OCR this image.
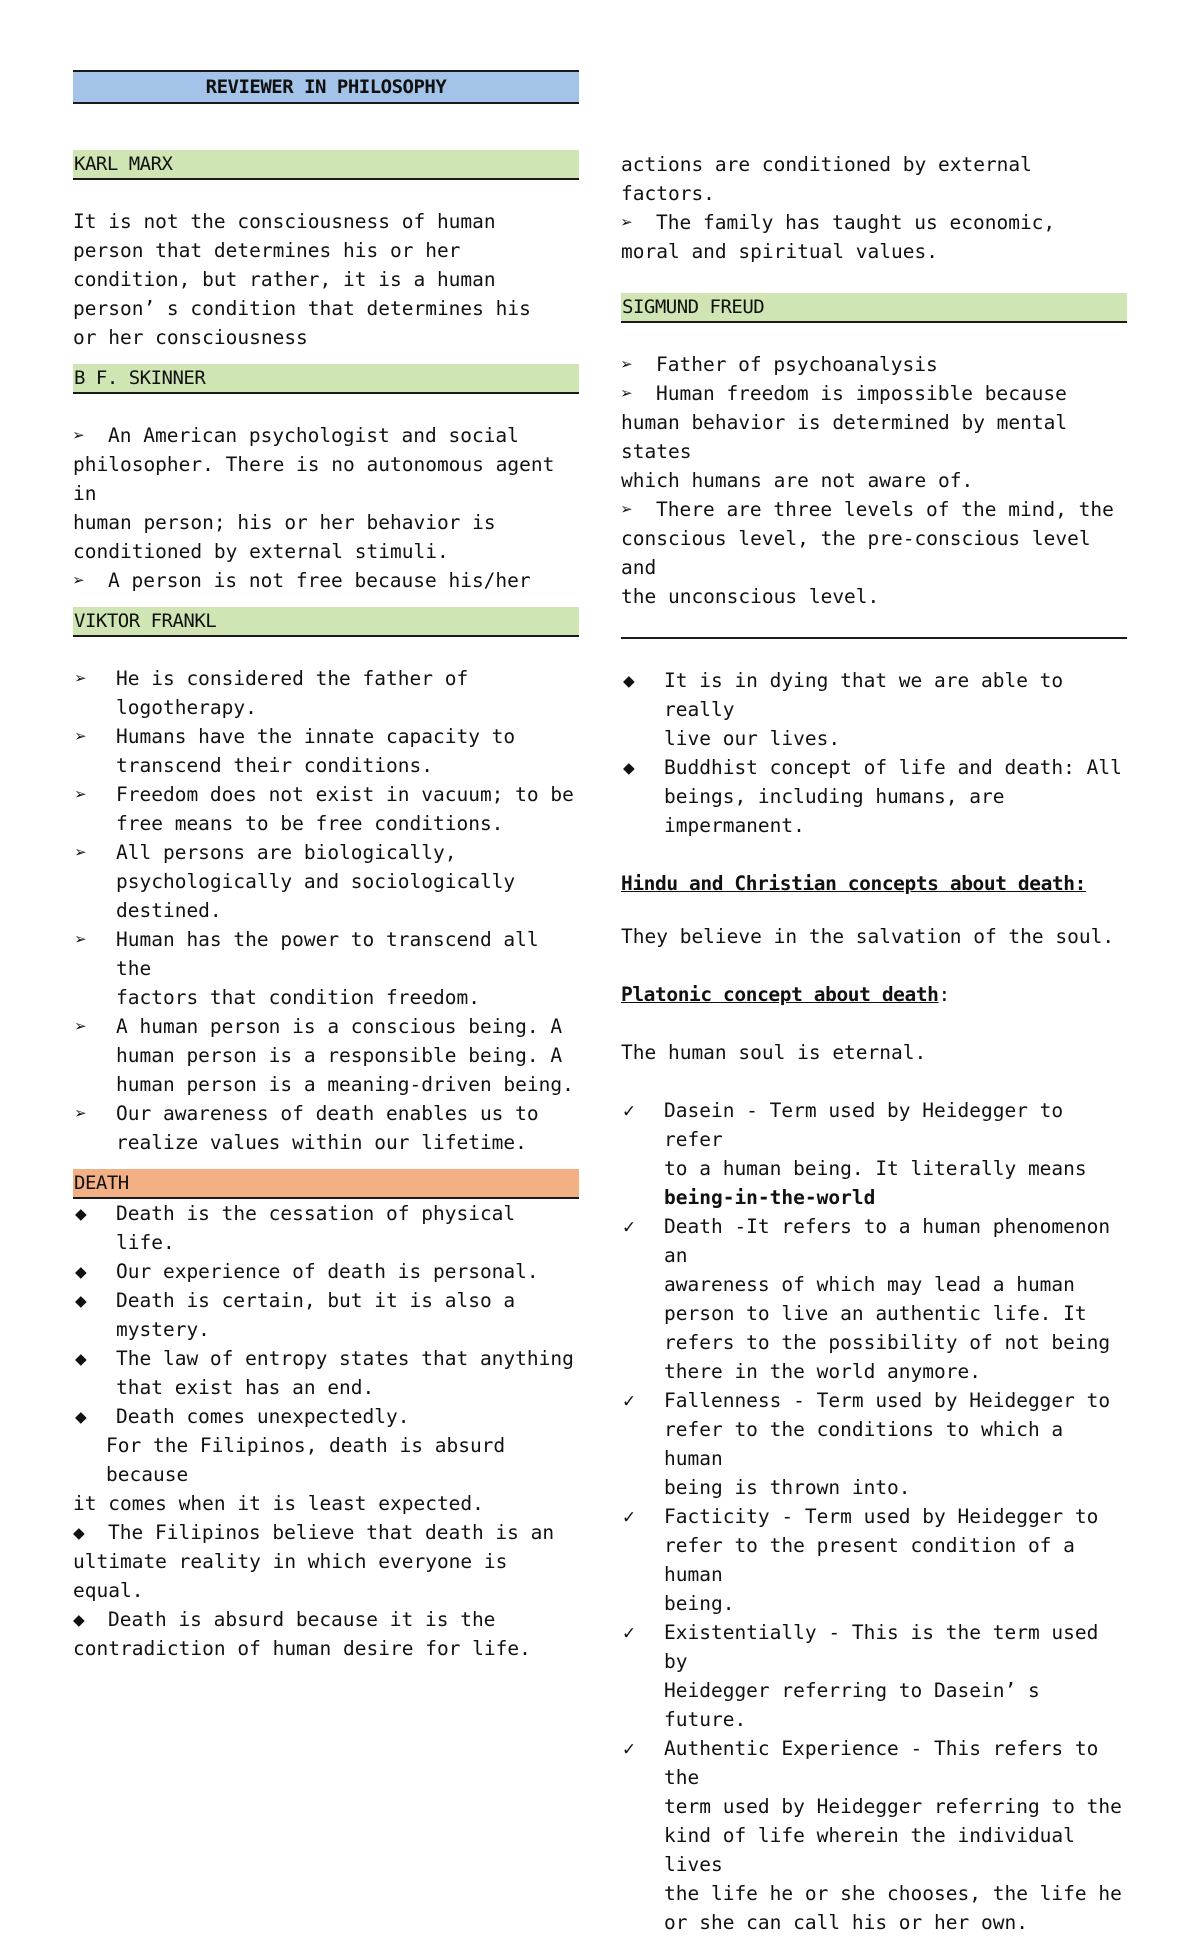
REVIEWER IN PHILOSOPHY
KARL MARX
It is not the consciousness of human
person that determines his or her
condition, but rather, it is a human
person’ s condition that determines his
or her consciousness
B F. SKINNER
➢ An American psychologist and social
philosopher. There is no autonomous agent in
human person; his or her behavior is
conditioned by external stimuli.
➢ A person is not free because his/her
VIKTOR FRANKL
➢	He is considered the father of
logotherapy.
➢	Humans have the innate capacity to
transcend their conditions.
➢	Freedom does not exist in vacuum; to be
free means to be free conditions.
➢	All persons are biologically,
psychologically and sociologically
destined.
➢	Human has the power to transcend all the
factors that condition freedom.
➢	A human person is a conscious being. A
human person is a responsible being. A
human person is a meaning-driven being.
➢	Our awareness of death enables us to
realize values within our lifetime.
DEATH
◆	Death is the cessation of physical life.
◆	Our experience of death is personal.
◆	Death is certain, but it is also a
mystery.
◆	The law of entropy states that anything
that exist has an end.
◆	Death comes unexpectedly.
For the Filipinos, death is absurd because
it comes when it is least expected.
◆ The Filipinos believe that death is an
ultimate reality in which everyone is equal.
◆ Death is absurd because it is the
contradiction of human desire for life.
actions are conditioned by external
factors.
➢ The family has taught us economic,
moral and spiritual values.
SIGMUND FREUD
➢ Father of psychoanalysis
➢ Human freedom is impossible because
human behavior is determined by mental states
which humans are not aware of.
➢ There are three levels of the mind, the
conscious level, the pre-conscious level and
the unconscious level.
◆	It is in dying that we are able to really
live our lives.
◆	Buddhist concept of life and death: All
beings, including humans, are impermanent.
Hindu and Christian concepts about death:
They believe in the salvation of the soul.
Platonic concept about death:
The human soul is eternal.
✓	Dasein - Term used by Heidegger to refer
to a human being. It literally means
being-in-the-world
✓	Death -It refers to a human phenomenon an
awareness of which may lead a human
person to live an authentic life. It
refers to the possibility of not being
there in the world anymore.
✓	Fallenness - Term used by Heidegger to
refer to the conditions to which a human
being is thrown into.
✓	Facticity - Term used by Heidegger to
refer to the present condition of a human
being.
✓	Existentially - This is the term used by
Heidegger referring to Dasein’ s future.
✓	Authentic Experience - This refers to the
term used by Heidegger referring to the
kind of life wherein the individual lives
the life he or she chooses, the life he
or she can call his or her own.
